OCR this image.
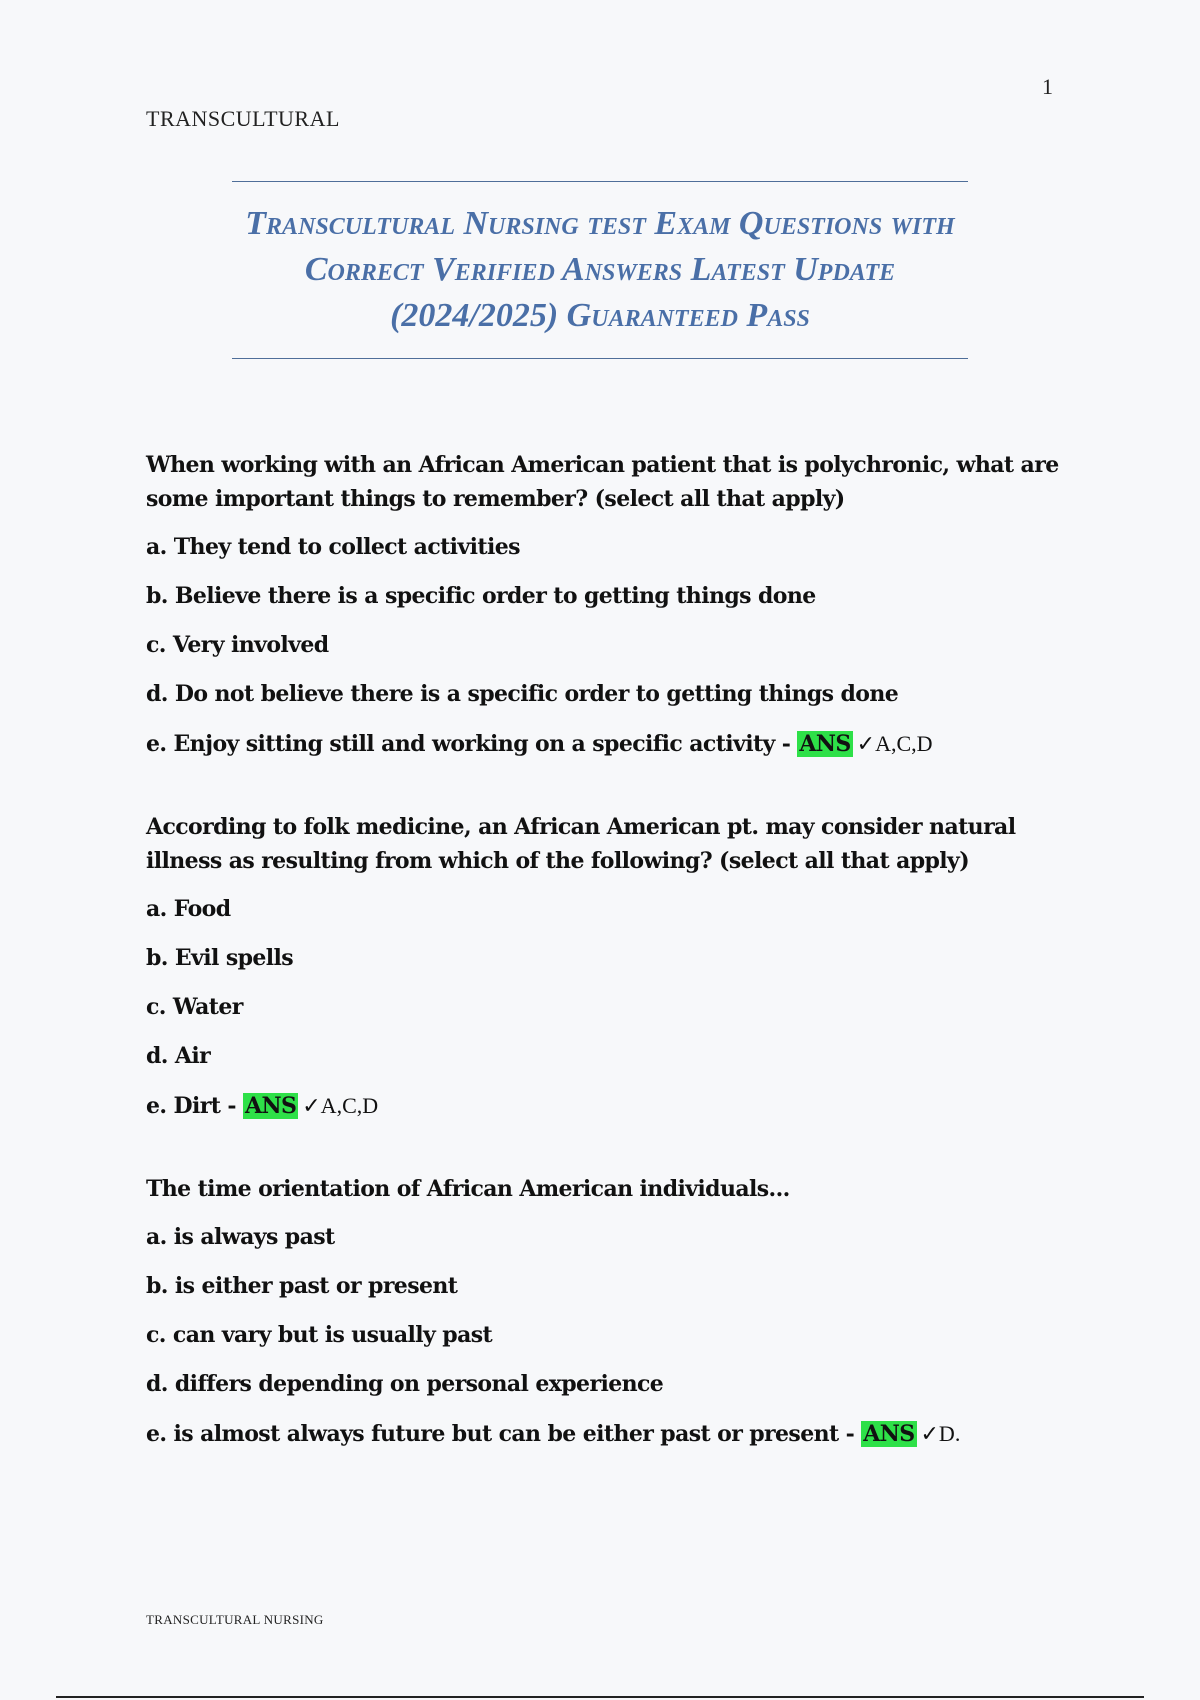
1
TRANSCULTURAL
Transcultural Nursing test Exam Questions with Correct Verified Answers Latest Update (2024/2025) Guaranteed Pass
When working with an African American patient that is polychronic, what are some important things to remember? (select all that apply)
a. They tend to collect activities
b. Believe there is a specific order to getting things done
c. Very involved
d. Do not believe there is a specific order to getting things done
e. Enjoy sitting still and working on a specific activity - ANS ✓A,C,D
According to folk medicine, an African American pt. may consider natural illness as resulting from which of the following? (select all that apply)
a. Food
b. Evil spells
c. Water
d. Air
e. Dirt - ANS ✓A,C,D
The time orientation of African American individuals...
a. is always past
b. is either past or present
c. can vary but is usually past
d. differs depending on personal experience
e. is almost always future but can be either past or present - ANS ✓D.
TRANSCULTURAL NURSING
